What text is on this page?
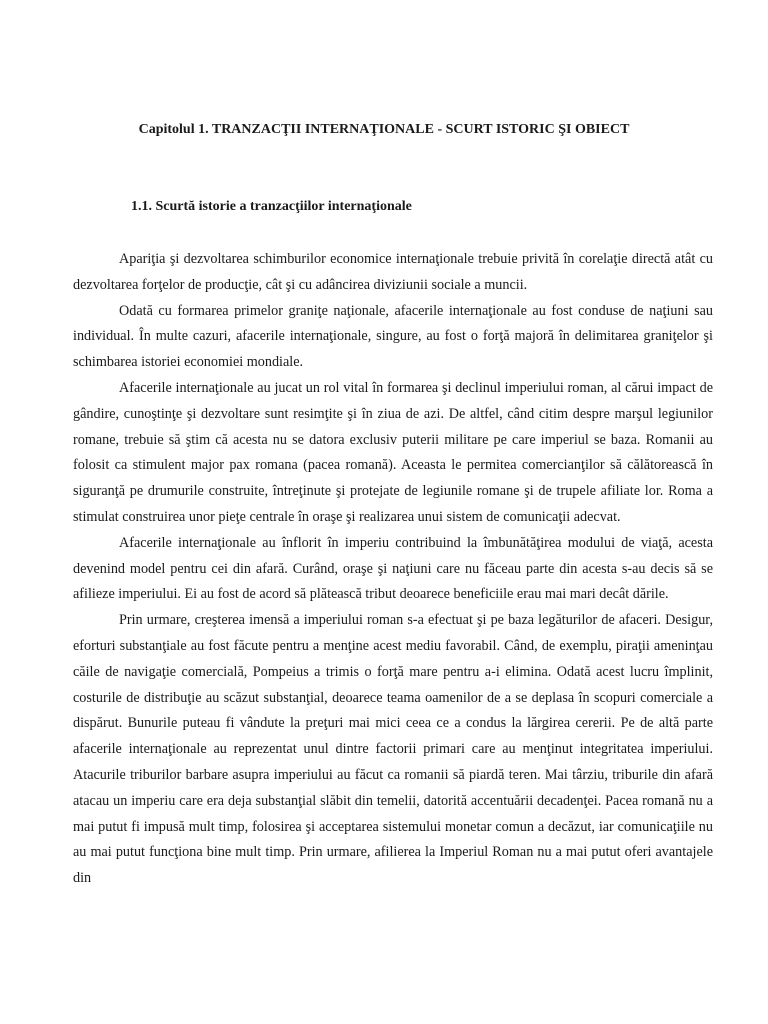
Capitolul 1. TRANZACŢII INTERNAŢIONALE - SCURT ISTORIC ŞI OBIECT
1.1. Scurtă istorie a tranzacţiilor internaţionale

Apariţia şi dezvoltarea schimburilor economice internaţionale trebuie privită în corelaţie directă atât cu dezvoltarea forţelor de producţie, cât şi cu adâncirea diviziunii sociale a muncii.

Odată cu formarea primelor graniţe naţionale, afacerile internaţionale au fost conduse de naţiuni sau individual. În multe cazuri, afacerile internaţionale, singure, au fost o forţă majoră în delimitarea graniţelor şi schimbarea istoriei economiei mondiale.

Afacerile internaţionale au jucat un rol vital în formarea şi declinul imperiului roman, al cărui impact de gândire, cunoştinţe şi dezvoltare sunt resimţite şi în ziua de azi. De altfel, când citim despre marşul legiunilor romane, trebuie să ştim că acesta nu se datora exclusiv puterii militare pe care imperiul se baza. Romanii au folosit ca stimulent major pax romana (pacea romană). Aceasta le permitea comercianţilor să călătorească în siguranţă pe drumurile construite, întreţinute şi protejate de legiunile romane şi de trupele afiliate lor. Roma a stimulat construirea unor pieţe centrale în oraşe şi realizarea unui sistem de comunicaţii adecvat.

Afacerile internaţionale au înflorit în imperiu contribuind la îmbunătăţirea modului de viaţă, acesta devenind model pentru cei din afară. Curând, oraşe şi naţiuni care nu făceau parte din acesta s-au decis să se afilieze imperiului. Ei au fost de acord să plătească tribut deoarece beneficiile erau mai mari decât dările.

Prin urmare, creşterea imensă a imperiului roman s-a efectuat şi pe baza legăturilor de afaceri. Desigur, eforturi substanţiale au fost făcute pentru a menţine acest mediu favorabil. Când, de exemplu, piraţii ameninţau căile de navigaţie comercială, Pompeius a trimis o forţă mare pentru a-i elimina. Odată acest lucru împlinit, costurile de distribuţie au scăzut substanţial, deoarece teama oamenilor de a se deplasa în scopuri comerciale a dispărut. Bunurile puteau fi vândute la preţuri mai mici ceea ce a condus la lărgirea cererii. Pe de altă parte afacerile internaţionale au reprezentat unul dintre factorii primari care au menţinut integritatea imperiului. Atacurile triburilor barbare asupra imperiului au făcut ca romanii să piardă teren. Mai târziu, triburile din afară atacau un imperiu care era deja substanţial slăbit din temelii, datorită accentuării decadenţei. Pacea romană nu a mai putut fi impusă mult timp, folosirea şi acceptarea sistemului monetar comun a decăzut, iar comunicaţiile nu au mai putut funcţiona bine mult timp. Prin urmare, afilierea la Imperiul Roman nu a mai putut oferi avantajele din
